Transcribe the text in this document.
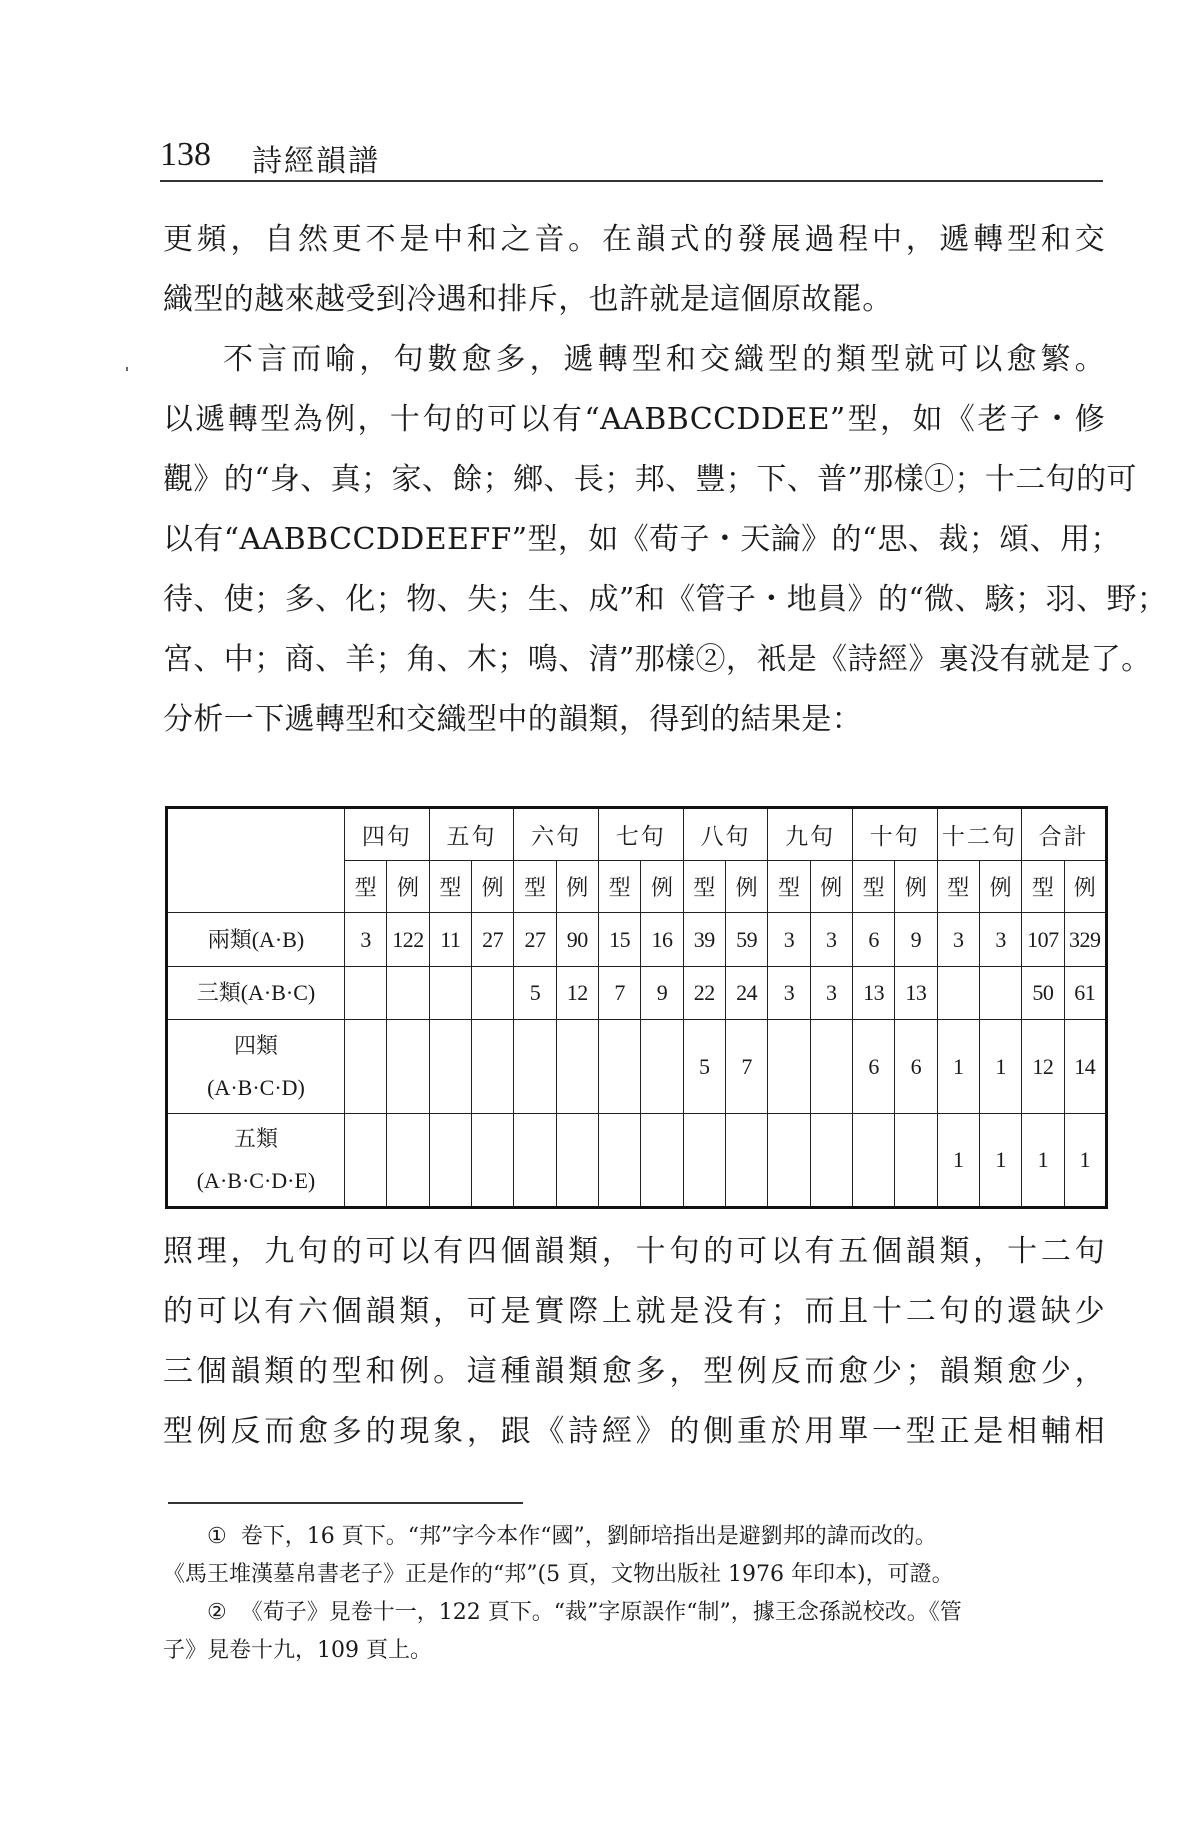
138 詩經韻譜
更頻，自然更不是中和之音。在韻式的發展過程中，遞轉型和交
織型的越來越受到冷遇和排斥，也許就是這個原故罷。
不言而喻，句數愈多，遞轉型和交織型的類型就可以愈繁。
以遞轉型為例，十句的可以有“AABBCCDDEE”型，如《老子・修
觀》的“身、真；家、餘；鄉、長；邦、豐；下、普”那樣①；十二句的可
以有“AABBCCDDEEFF”型，如《荀子・天論》的“思、裁；頌、用；
待、使；多、化；物、失；生、成”和《管子・地員》的“微、駭；羽、野；
宮、中；商、羊；角、木；鳴、清”那樣②，衹是《詩經》裏没有就是了。
分析一下遞轉型和交織型中的韻類，得到的結果是：
	四句		五句		六句		七句		八句		九句		十句		十二句		合計	
	型	例	型	例	型	例	型	例	型	例	型	例	型	例	型	例	型	例

兩類(A·B)	3	122	11	27	27	90	15	16	39	59	3	3	6	9	3	3	107	329

三類(A·B·C)					5	12	7	9	22	24	3	3	13	13			50	61

四類
(A·B·C·D)									5	7			6	6	1	1	12	14

五類
(A·B·C·D·E)															1	1	1	1
照理，九句的可以有四個韻類，十句的可以有五個韻類，十二句
的可以有六個韻類，可是實際上就是没有；而且十二句的還缺少
三個韻類的型和例。這種韻類愈多，型例反而愈少；韻類愈少，
型例反而愈多的現象，跟《詩經》的側重於用單一型正是相輔相
① 卷下，16 頁下。“邦”字今本作“國”，劉師培指出是避劉邦的諱而改的。
《馬王堆漢墓帛書老子》正是作的“邦”(5 頁，文物出版社 1976 年印本)，可證。
② 《荀子》見卷十一，122 頁下。“裁”字原誤作“制”，據王念孫説校改。《管
子》見卷十九，109 頁上。
